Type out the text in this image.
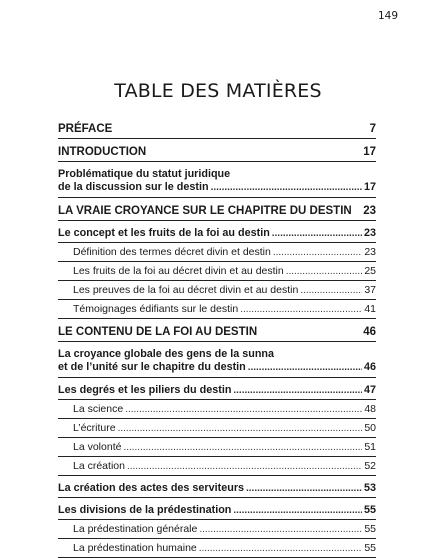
149
TABLE DES MATIÈRES
PRÉFACE	7
INTRODUCTION	17
Problématique du statut juridique
de la discussion sur le destin . . .	17
LA VRAIE CROYANCE SUR LE CHAPITRE DU DESTIN 23
Le concept et les fruits de la foi au destin . . .	23
Définition des termes décret divin et destin . . .	23
Les fruits de la foi au décret divin et au destin . . .	25
Les preuves de la foi au décret divin et au destin . . .	37
Témoignages édifiants sur le destin . . .	41
LE CONTENU DE LA FOI AU DESTIN	46
La croyance globale des gens de la sunna
et de l’unité sur le chapitre du destin . . .	46
Les degrés et les piliers du destin . . .	47
La science . . .	48
L’écriture . . .	50
La volonté . . .	51
La création . . .	52
La création des actes des serviteurs . . .	53
Les divisions de la prédestination . . .	55
La prédestination générale . . .	55
La prédestination humaine . . .	55
